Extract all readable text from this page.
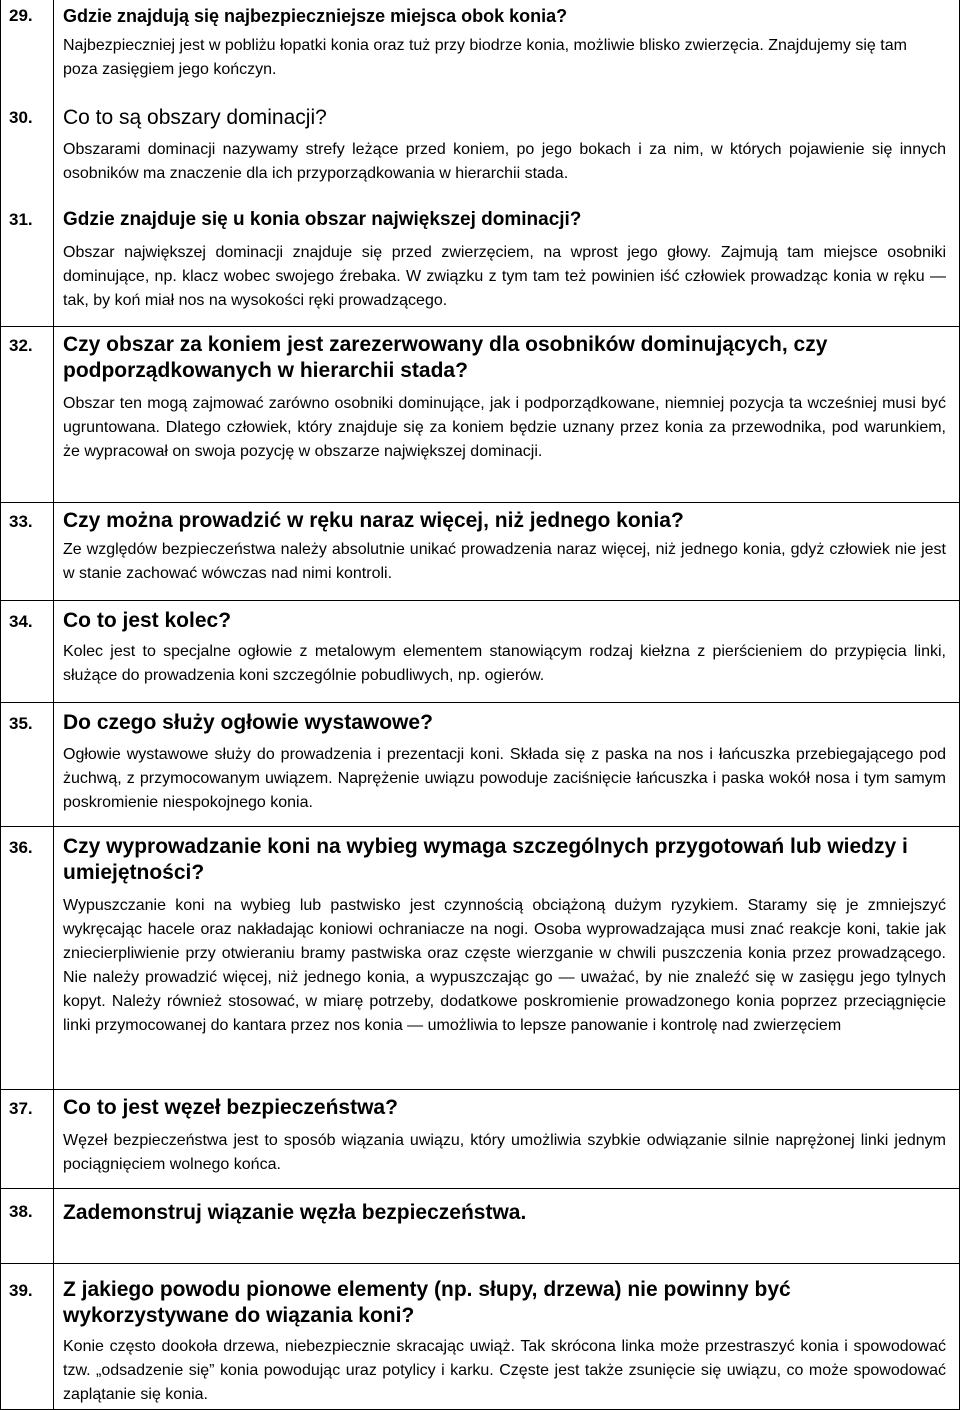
29. Gdzie znajdują się najbezpieczniejsze miejsca obok konia?

Najbezpieczniej jest w pobliżu łopatki konia oraz tuż przy biodrze konia, możliwie blisko zwierzęcia. Znajdujemy się tam poza zasięgiem jego kończyn.

30. Co to są obszary dominacji?

Obszarami dominacji nazywamy strefy leżące przed koniem, po jego bokach i za nim, w których pojawienie się innych osobników ma znaczenie dla ich przyporządkowania w hierarchii stada.

31. Gdzie znajduje się u konia obszar największej dominacji?

Obszar największej dominacji znajduje się przed zwierzęciem, na wprost jego głowy. Zajmują tam miejsce osobniki dominujące, np. klacz wobec swojego źrebaka. W związku z tym tam też powinien iść człowiek prowadząc konia w ręku — tak, by koń miał nos na wysokości ręki prowadzącego.

32. Czy obszar za koniem jest zarezerwowany dla osobników dominujących, czy podporządkowanych w hierarchii stada?

Obszar ten mogą zajmować zarówno osobniki dominujące, jak i podporządkowane, niemniej pozycja ta wcześniej musi być ugruntowana. Dlatego człowiek, który znajduje się za koniem będzie uznany przez konia za przewodnika, pod warunkiem, że wypracował on swoja pozycję w obszarze największej dominacji.

33. Czy można prowadzić w ręku naraz więcej, niż jednego konia?

Ze względów bezpieczeństwa należy absolutnie unikać prowadzenia naraz więcej, niż jednego konia, gdyż człowiek nie jest w stanie zachować wówczas nad nimi kontroli.

34. Co to jest kolec?

Kolec jest to specjalne ogłowie z metalowym elementem stanowiącym rodzaj kiełzna z pierścieniem do przypięcia linki, służące do prowadzenia koni szczególnie pobudliwych, np. ogierów.

35. Do czego służy ogłowie wystawowe?

Ogłowie wystawowe służy do prowadzenia i prezentacji koni. Składa się z paska na nos i łańcuszka przebiegającego pod żuchwą, z przymocowanym uwiązem. Naprężenie uwiązu powoduje zaciśnięcie łańcuszka i paska wokół nosa i tym samym poskromienie niespokojnego konia.

36. Czy wyprowadzanie koni na wybieg wymaga szczególnych przygotowań lub wiedzy i umiejętności?

Wypuszczanie koni na wybieg lub pastwisko jest czynnością obciążoną dużym ryzykiem. Staramy się je zmniejszyć wykręcając hacele oraz nakładając koniowi ochraniacze na nogi. Osoba wyprowadzająca musi znać reakcje koni, takie jak zniecierpliwienie przy otwieraniu bramy pastwiska oraz częste wierzganie w chwili puszczenia konia przez prowadzącego. Nie należy prowadzić więcej, niż jednego konia, a wypuszczając go — uważać, by nie znaleźć się w zasięgu jego tylnych kopyt. Należy również stosować, w miarę potrzeby, dodatkowe poskromienie prowadzonego konia poprzez przeciągnięcie linki przymocowanej do kantara przez nos konia — umożliwia to lepsze panowanie i kontrolę nad zwierzęciem

37. Co to jest węzeł bezpieczeństwa?

Węzeł bezpieczeństwa jest to sposób wiązania uwiązu, który umożliwia szybkie odwiązanie silnie naprężonej linki jednym pociągnięciem wolnego końca.

38. Zademonstruj wiązanie węzła bezpieczeństwa.

39. Z jakiego powodu pionowe elementy (np. słupy, drzewa) nie powinny być wykorzystywane do wiązania koni?

Konie często dookoła drzewa, niebezpiecznie skracając uwiąż. Tak skrócona linka może przestraszyć konia i spowodować tzw. „odsadzenie się” konia powodując uraz potylicy i karku. Częste jest także zsunięcie się uwiązu, co może spowodować zaplątanie się konia.
